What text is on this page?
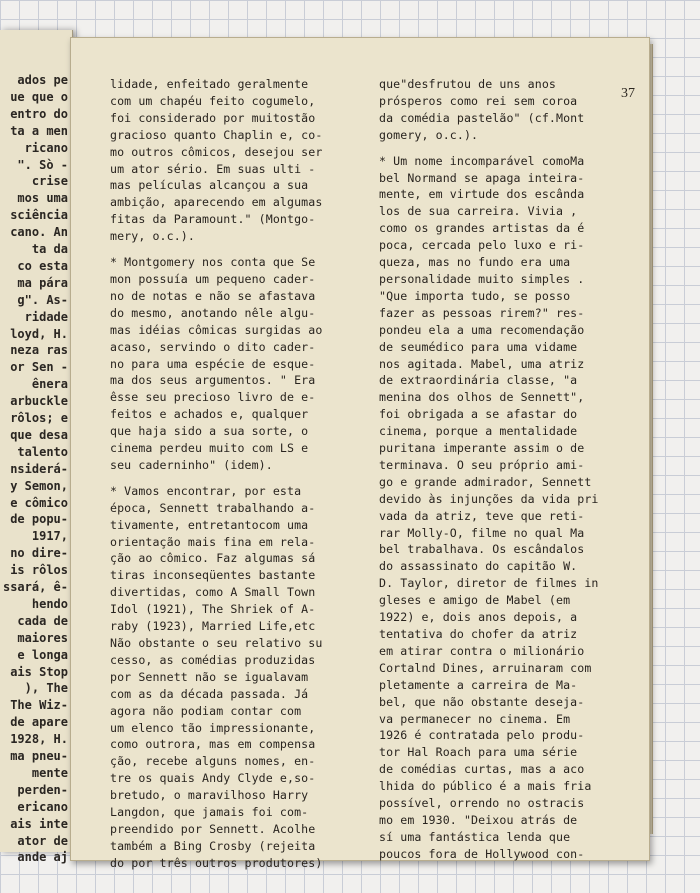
ados pe
ue que o
entro do
ta a men
ricano
". Sò -
crise
mos uma
sciência
cano. An
ta da
co esta
ma pára
g". As-
ridade
loyd, H.
neza ras
or Sen -
ênera
arbuckle
rôlos; e
que desa
talento
nsiderá-
y Semon,
e cômico
de popu-
1917,
no dire-
is rôlos
ssará, ê-
hendo
cada de
maiores
e longa
ais Stop
), The
The Wiz-
de apare
1928, H.
ma pneu-
mente
perden-
ericano
ais inte
ator de
ande aj
37

lidade, enfeitado geralmente
com um chapéu feito cogumelo,
foi considerado por muitostão
gracioso quanto Chaplin e, co-
mo outros cômicos, desejou ser
um ator sério. Em suas ulti -
mas películas alcançou a sua
ambição, aparecendo em algumas
fitas da Paramount." (Montgo-
mery, o.c.).

* Montgomery nos conta que Se
mon possuía um pequeno cader-
no de notas e não se afastava
do mesmo, anotando nêle algu-
mas idéias cômicas surgidas ao
acaso, servindo o dito cader-
no para uma espécie de esque-
ma dos seus argumentos. " Era
êsse seu precioso livro de e-
feitos e achados e, qualquer
que haja sido a sua sorte, o
cinema perdeu muito com LS e
seu caderninho" (idem).

* Vamos encontrar, por esta
época, Sennett trabalhando a-
tivamente, entretantocom uma
orientação mais fina em rela-
ção ao cômico. Faz algumas sá
tiras inconseqüentes bastante
divertidas, como A Small Town
Idol (1921), The Shriek of A-
raby (1923), Married Life,etc
Não obstante o seu relativo su
cesso, as comédias produzidas
por Sennett não se igualavam
com as da década passada. Já
agora não podiam contar com
um elenco tão impressionante,
como outrora, mas em compensa
ção, recebe alguns nomes, en-
tre os quais Andy Clyde e,so-
bretudo, o maravilhoso Harry
Langdon, que jamais foi com-
preendido por Sennett. Acolhe
também a Bing Crosby (rejeita
do por três outros produtores)

que"desfrutou de uns anos
prósperos como rei sem coroa
da comédia pastelão" (cf.Mont
gomery, o.c.).

* Um nome incomparável comoMa
bel Normand se apaga inteira-
mente, em virtude dos escânda
los de sua carreira. Vivia ,
como os grandes artistas da é
poca, cercada pelo luxo e ri-
queza, mas no fundo era uma
personalidade muito simples .
"Que importa tudo, se posso
fazer as pessoas rirem?" res-
pondeu ela a uma recomendação
de seumédico para uma vidame
nos agitada. Mabel, uma atriz
de extraordinária classe, "a
menina dos olhos de Sennett",
foi obrigada a se afastar do
cinema, porque a mentalidade
puritana imperante assim o de
terminava. O seu próprio ami-
go e grande admirador, Sennett
devido às injunções da vida pri
vada da atriz, teve que reti-
rar Molly-O, filme no qual Ma
bel trabalhava. Os escândalos
do assassinato do capitão W.
D. Taylor, diretor de filmes in
gleses e amigo de Mabel (em
1922) e, dois anos depois, a
tentativa do chofer da atriz
em atirar contra o milionário
Cortalnd Dines, arruinaram com
pletamente a carreira de Ma-
bel, que não obstante deseja-
va permanecer no cinema. Em
1926 é contratada pelo produ-
tor Hal Roach para uma série
de comédias curtas, mas a aco
lhida do público é a mais fria
possível, orrendo no ostracis
mo em 1930. "Deixou atrás de
sí uma fantástica lenda que
poucos fora de Hollywood con-
